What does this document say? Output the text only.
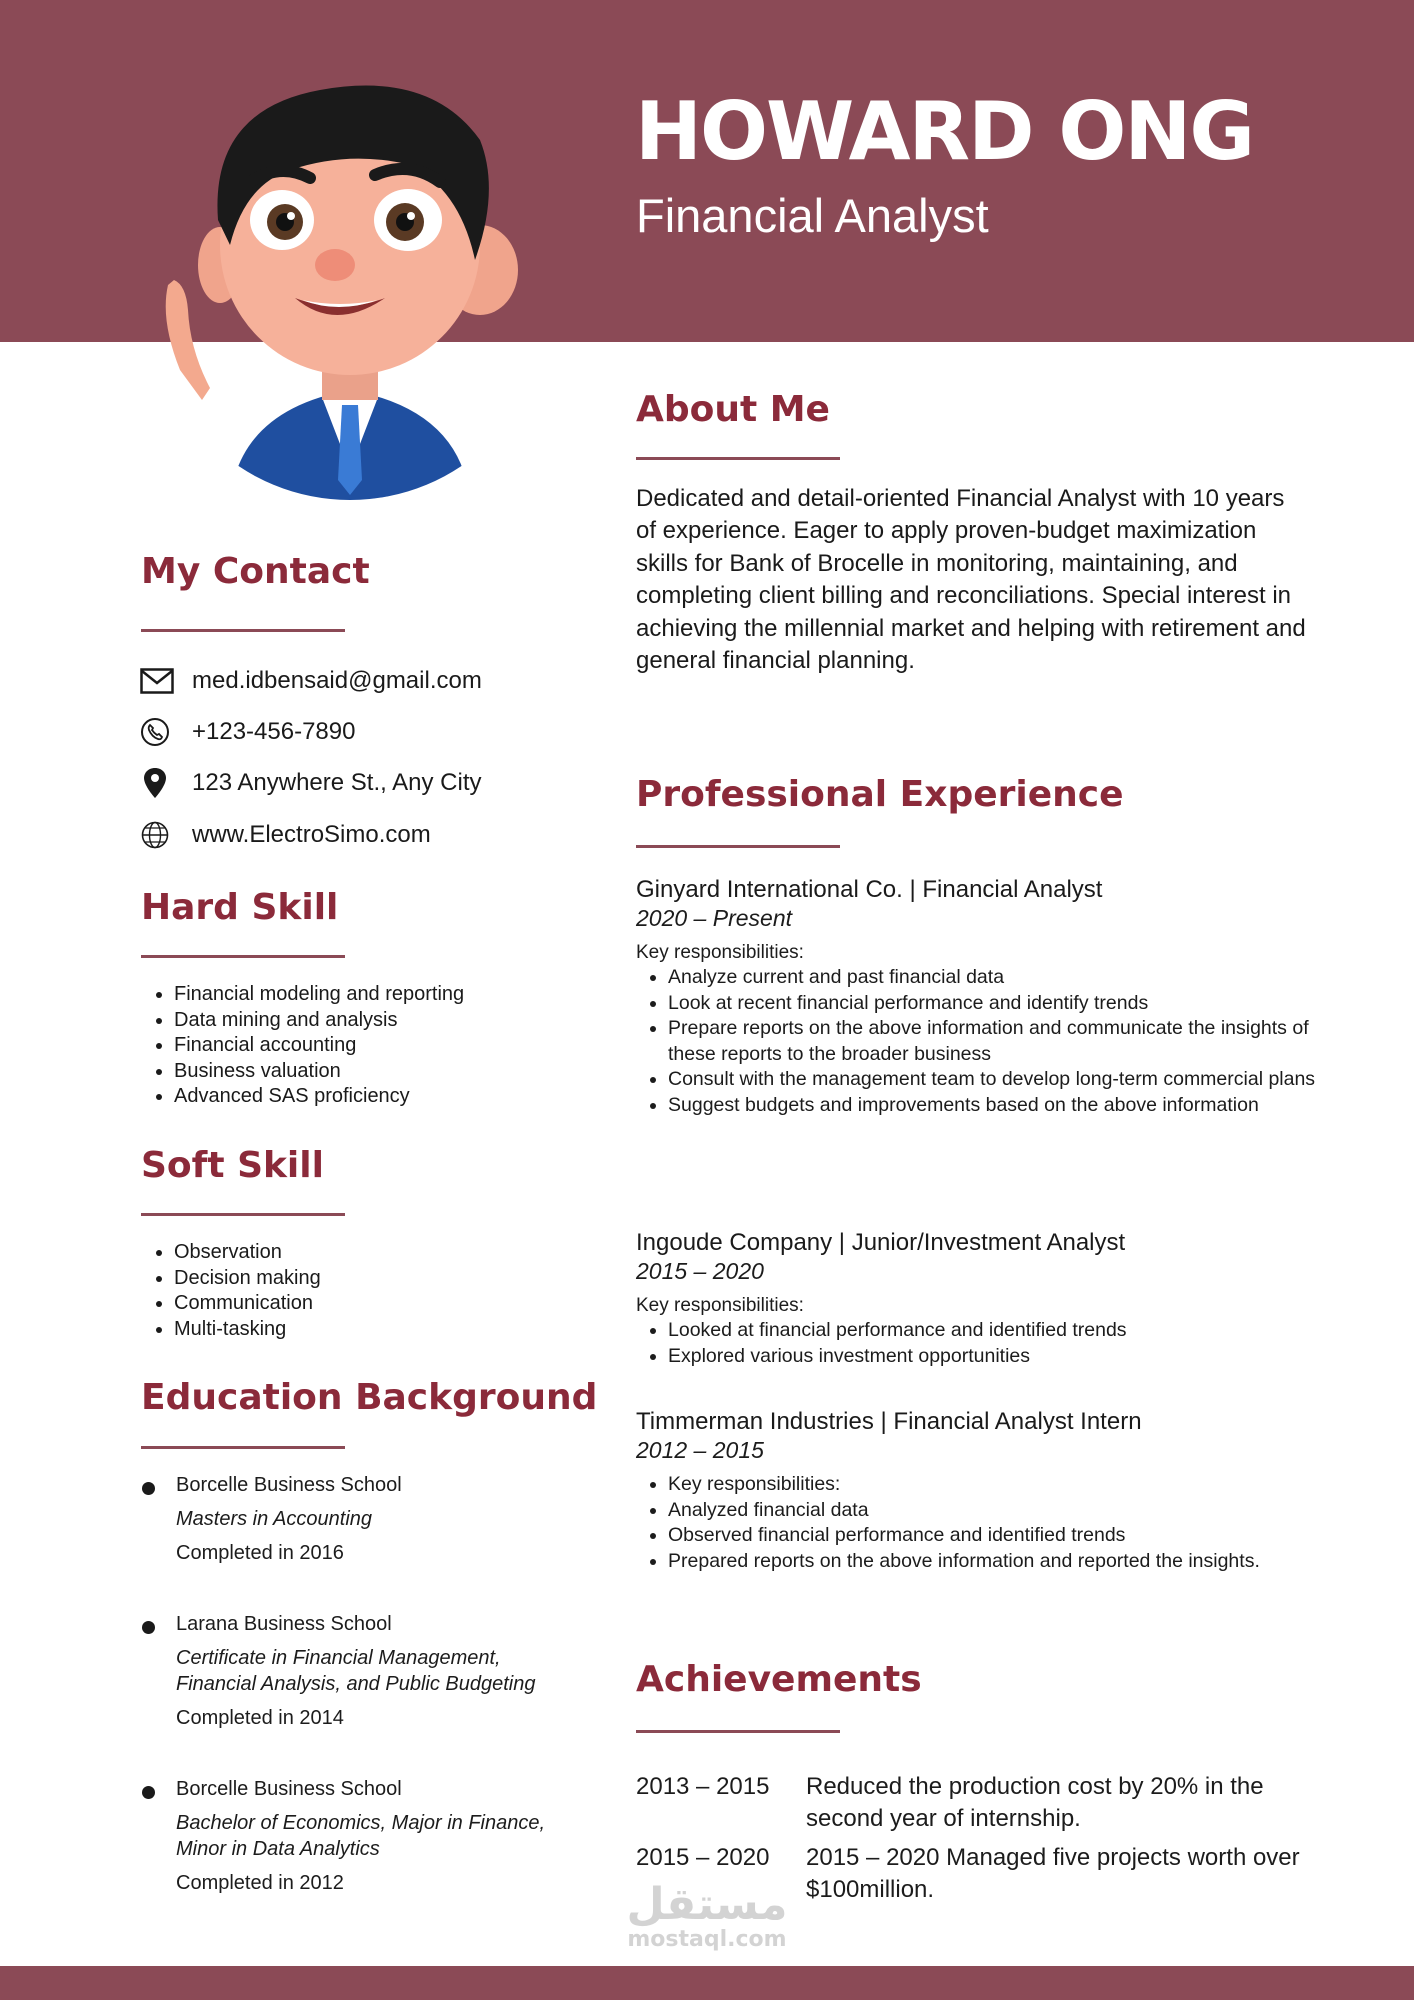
HOWARD ONG
Financial Analyst
My Contact
med.idbensaid@gmail.com
+123-456-7890
123 Anywhere St., Any City
www.ElectroSimo.com
Hard Skill
• Financial modeling and reporting
• Data mining and analysis
• Financial accounting
• Business valuation
• Advanced SAS proficiency
Soft Skill
• Observation
• Decision making
• Communication
• Multi-tasking
Education Background
Borcelle Business School
Masters in Accounting
Completed in 2016
Larana Business School
Certificate in Financial Management, Financial Analysis, and Public Budgeting
Completed in 2014
Borcelle Business School
Bachelor of Economics, Major in Finance, Minor in Data Analytics
Completed in 2012
About Me
Dedicated and detail-oriented Financial Analyst with 10 years of experience. Eager to apply proven-budget maximization skills for Bank of Brocelle in monitoring, maintaining, and completing client billing and reconciliations. Special interest in achieving the millennial market and helping with retirement and general financial planning.
Professional Experience
Ginyard International Co. | Financial Analyst
2020 – Present
Key responsibilities:
• Analyze current and past financial data
• Look at recent financial performance and identify trends
• Prepare reports on the above information and communicate the insights of these reports to the broader business
• Consult with the management team to develop long-term commercial plans
• Suggest budgets and improvements based on the above information
Ingoude Company | Junior/Investment Analyst
2015 – 2020
Key responsibilities:
• Looked at financial performance and identified trends
• Explored various investment opportunities
Timmerman Industries | Financial Analyst Intern
2012 – 2015
• Key responsibilities:
• Analyzed financial data
• Observed financial performance and identified trends
• Prepared reports on the above information and reported the insights.
Achievements
2013 – 2015	Reduced the production cost by 20% in the second year of internship.
2015 – 2020	2015 – 2020 Managed five projects worth over $100million.
مستقل
mostaql.com
